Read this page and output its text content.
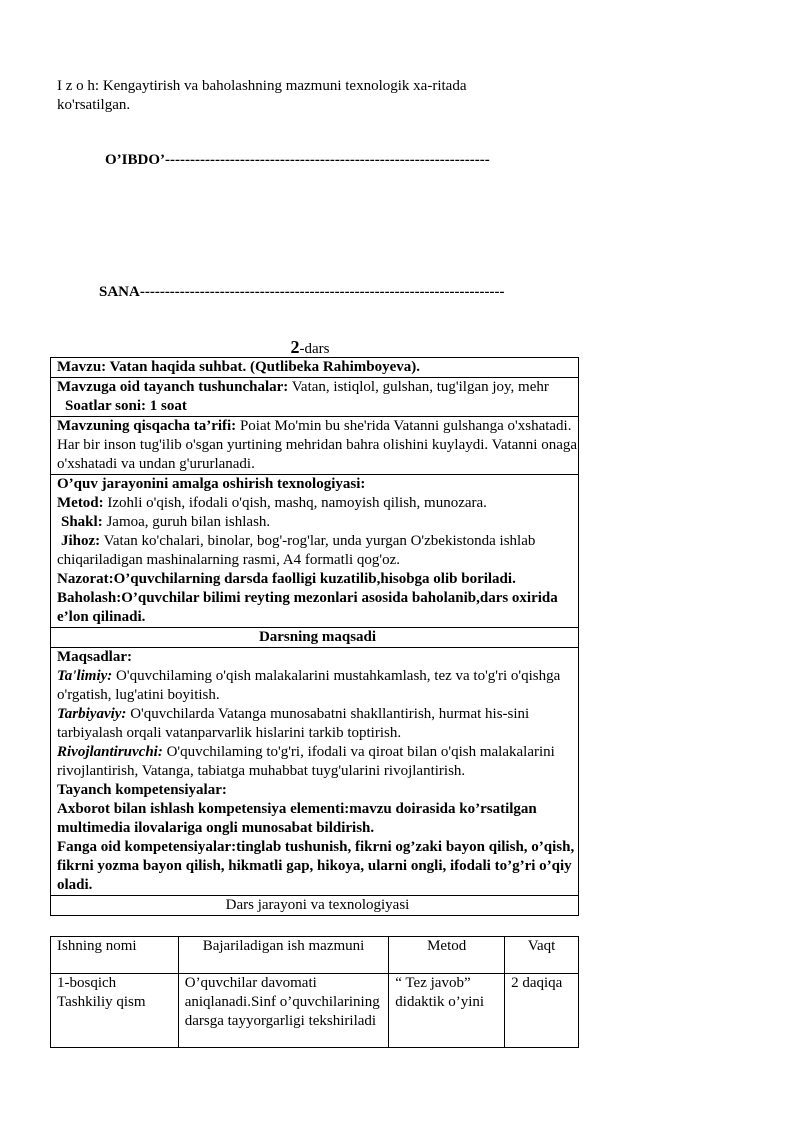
I z o h: Kengaytirish va baholashning mazmuni texnologik xa-ritada ko'rsatilgan.
O’IBDO’-----------------------------------------------------------------
SANA-------------------------------------------------------------------------
2-dars
Mavzu: Vatan haqida suhbat. (Qutlibeka Rahimboyeva).

Mavzuga oid tayanch tushunchalar: Vatan, istiqlol, gulshan, tug'ilgan joy, mehr
Soatlar soni: 1 soat

Mavzuning qisqacha ta’rifi: Poiat Mo'min bu she'rida Vatanni gulshanga o'xshatadi. Har bir inson tug'ilib o'sgan yurtining mehridan bahra olishini kuylaydi. Vatanni onaga o'xshatadi va undan g'ururlanadi.

O’quv jarayonini amalga oshirish texnologiyasi:
Metod: Izohli o'qish, ifodali o'qish, mashq, namoyish qilish, munozara.
Shakl: Jamoa, guruh bilan ishlash.
Jihoz: Vatan ko'chalari, binolar, bog'-rog'lar, unda yurgan O'zbekistonda ishlab chiqariladigan mashinalarning rasmi, A4 formatli qog'oz.
Nazorat:O’quvchilarning darsda faolligi kuzatilib,hisobga olib boriladi.
Baholash:O’quvchilar bilimi reyting mezonlari asosida baholanib,dars oxirida e’lon qilinadi.

Darsning maqsadi

Maqsadlar:
Ta'limiy: O'quvchilaming o'qish malakalarini mustahkamlash, tez va to'g'ri o'qishga o'rgatish, lug'atini boyitish.
Tarbiyaviy: O'quvchilarda Vatanga munosabatni shakllantirish, hurmat his-sini tarbiyalash orqali vatanparvarlik hislarini tarkib toptirish.
Rivojlantiruvchi: O'quvchilaming to'g'ri, ifodali va qiroat bilan o'qish malakalarini rivojlantirish, Vatanga, tabiatga muhabbat tuyg'ularini rivojlantirish.
Tayanch kompetensiyalar:
Axborot bilan ishlash kompetensiya elementi:mavzu doirasida ko’rsatilgan multimedia ilovalariga ongli munosabat bildirish.
Fanga oid kompetensiyalar:tinglab tushunish, fikrni og’zaki bayon qilish, o’qish, fikrni yozma bayon qilish, hikmatli gap, hikoya, ularni ongli, ifodali to’g’ri o’qiy oladi.

Dars jarayoni va texnologiyasi
Ishning nomi	Bajariladigan ish mazmuni	Metod	Vaqt
1-bosqich Tashkiliy qism	O’quvchilar davomati aniqlanadi.Sinf o’quvchilarining darsga tayyorgarligi tekshiriladi	“ Tez javob” didaktik o’yini	2 daqiqa
